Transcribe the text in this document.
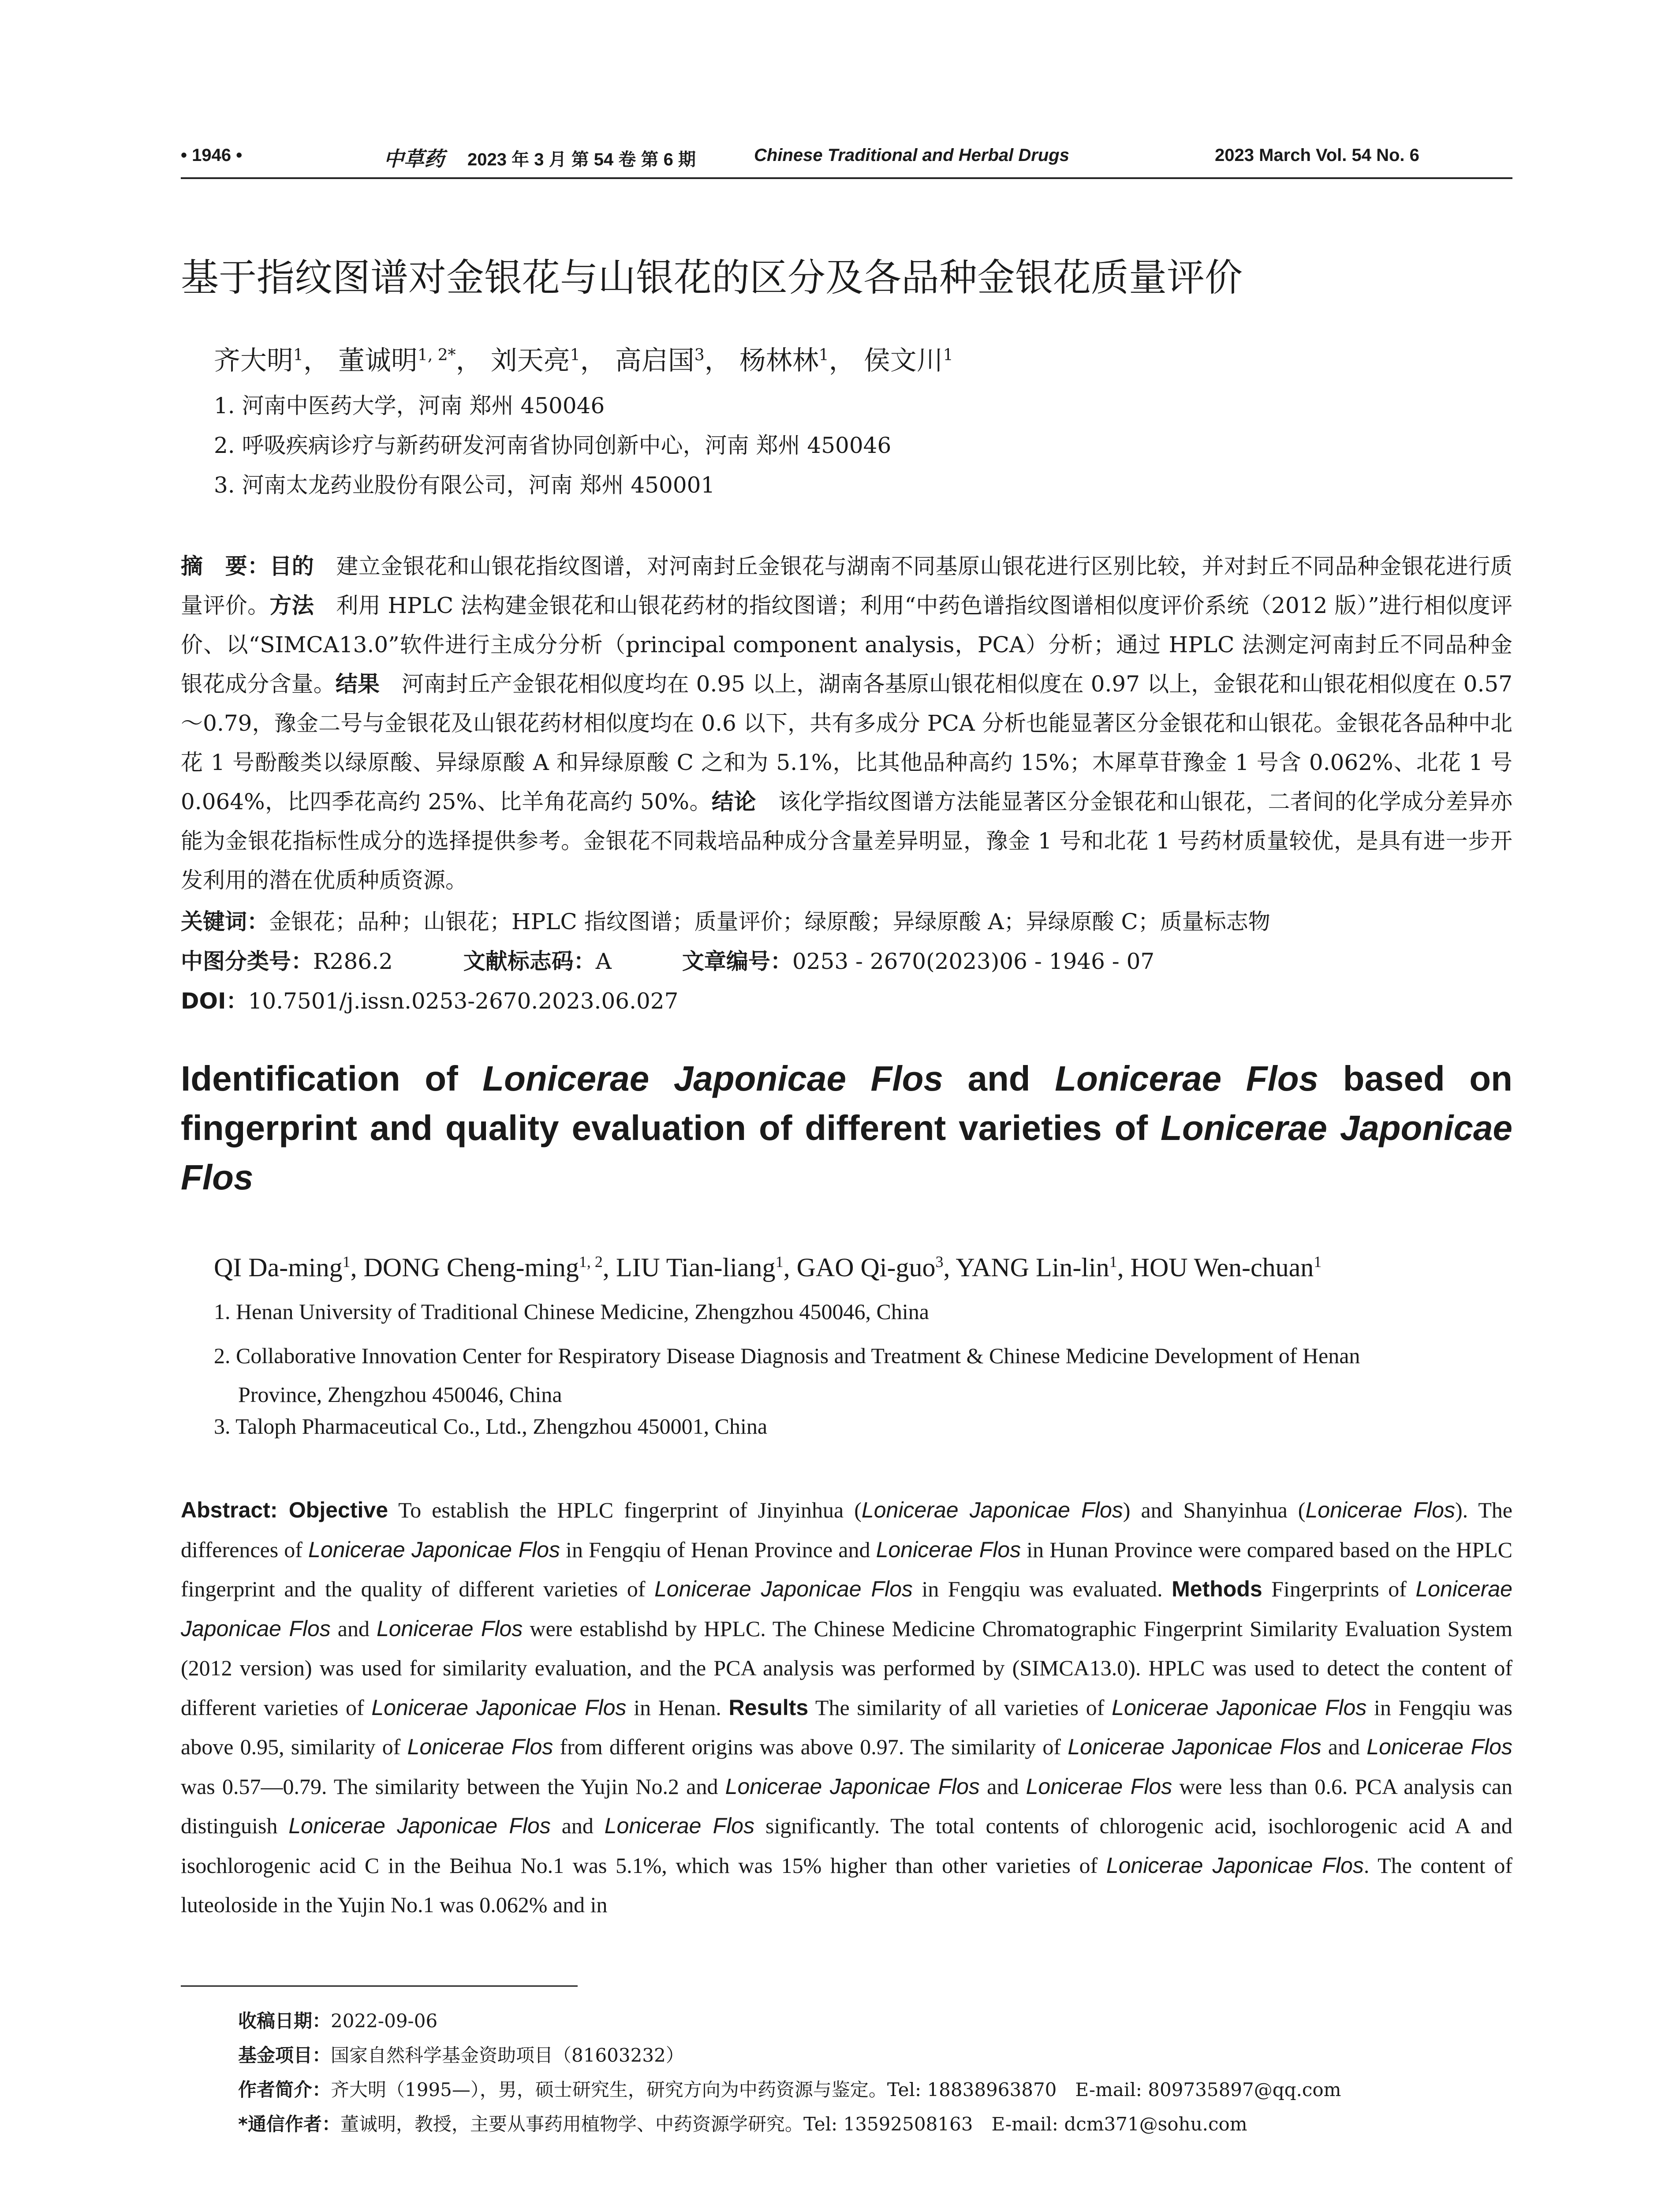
• 1946 •	中草药 2023 年 3 月 第 54 卷 第 6 期	Chinese Traditional and Herbal Drugs	2023 March Vol. 54 No. 6
基于指纹图谱对金银花与山银花的区分及各品种金银花质量评价
齐大明$^1$， 董诚明$^{1, 2*}$， 刘天亮$^1$， 高启国$^3$， 杨林林$^1$， 侯文川$^1$
1. 河南中医药大学，河南 郑州 450046
2. 呼吸疾病诊疗与新药研发河南省协同创新中心，河南 郑州 450046
3. 河南太龙药业股份有限公司，河南 郑州 450001
摘　要：目的　建立金银花和山银花指纹图谱，对河南封丘金银花与湖南不同基原山银花进行区别比较，并对封丘不同品种金银花进行质量评价。方法　利用 HPLC 法构建金银花和山银花药材的指纹图谱；利用“中药色谱指纹图谱相似度评价系统（2012 版）”进行相似度评价、以“SIMCA13.0”软件进行主成分分析（principal component analysis，PCA）分析；通过 HPLC 法测定河南封丘不同品种金银花成分含量。结果　河南封丘产金银花相似度均在 0.95 以上，湖南各基原山银花相似度在 0.97 以上，金银花和山银花相似度在 0.57～0.79，豫金二号与金银花及山银花药材相似度均在 0.6 以下，共有多成分 PCA 分析也能显著区分金银花和山银花。金银花各品种中北花 1 号酚酸类以绿原酸、异绿原酸 A 和异绿原酸 C 之和为 5.1%，比其他品种高约 15%；木犀草苷豫金 1 号含 0.062%、北花 1 号 0.064%，比四季花高约 25%、比羊角花高约 50%。结论　该化学指纹图谱方法能显著区分金银花和山银花，二者间的化学成分差异亦能为金银花指标性成分的选择提供参考。金银花不同栽培品种成分含量差异明显，豫金 1 号和北花 1 号药材质量较优，是具有进一步开发利用的潜在优质种质资源。
关键词：金银花；品种；山银花；HPLC 指纹图谱；质量评价；绿原酸；异绿原酸 A；异绿原酸 C；质量标志物
中图分类号：R286.2	文献标志码：A	文章编号：0253 - 2670(2023)06 - 1946 - 07
DOI：10.7501/j.issn.0253-2670.2023.06.027
Identification of Lonicerae Japonicae Flos and Lonicerae Flos based on fingerprint and quality evaluation of different varieties of Lonicerae Japonicae Flos
QI Da-ming$^1$, DONG Cheng-ming$^{1, 2}$, LIU Tian-liang$^1$, GAO Qi-guo$^3$, YANG Lin-lin$^1$, HOU Wen-chuan$^1$
1. Henan University of Traditional Chinese Medicine, Zhengzhou 450046, China
2. Collaborative Innovation Center for Respiratory Disease Diagnosis and Treatment & Chinese Medicine Development of Henan
Province, Zhengzhou 450046, China
3. Taloph Pharmaceutical Co., Ltd., Zhengzhou 450001, China
Abstract: Objective To establish the HPLC fingerprint of Jinyinhua (Lonicerae Japonicae Flos) and Shanyinhua (Lonicerae Flos). The differences of Lonicerae Japonicae Flos in Fengqiu of Henan Province and Lonicerae Flos in Hunan Province were compared based on the HPLC fingerprint and the quality of different varieties of Lonicerae Japonicae Flos in Fengqiu was evaluated. Methods Fingerprints of Lonicerae Japonicae Flos and Lonicerae Flos were establishd by HPLC. The Chinese Medicine Chromatographic Fingerprint Similarity Evaluation System (2012 version) was used for similarity evaluation, and the PCA analysis was performed by (SIMCA13.0). HPLC was used to detect the content of different varieties of Lonicerae Japonicae Flos in Henan. Results The similarity of all varieties of Lonicerae Japonicae Flos in Fengqiu was above 0.95, similarity of Lonicerae Flos from different origins was above 0.97. The similarity of Lonicerae Japonicae Flos and Lonicerae Flos was 0.57—0.79. The similarity between the Yujin No.2 and Lonicerae Japonicae Flos and Lonicerae Flos were less than 0.6. PCA analysis can distinguish Lonicerae Japonicae Flos and Lonicerae Flos significantly. The total contents of chlorogenic acid, isochlorogenic acid A and isochlorogenic acid C in the Beihua No.1 was 5.1%, which was 15% higher than other varieties of Lonicerae Japonicae Flos. The content of luteoloside in the Yujin No.1 was 0.062% and in
收稿日期：2022-09-06
基金项目：国家自然科学基金资助项目（81603232）
作者简介：齐大明（1995—），男，硕士研究生，研究方向为中药资源与鉴定。Tel: 18838963870　E-mail: 809735897@qq.com
*通信作者：董诚明，教授，主要从事药用植物学、中药资源学研究。Tel: 13592508163　E-mail: dcm371@sohu.com
